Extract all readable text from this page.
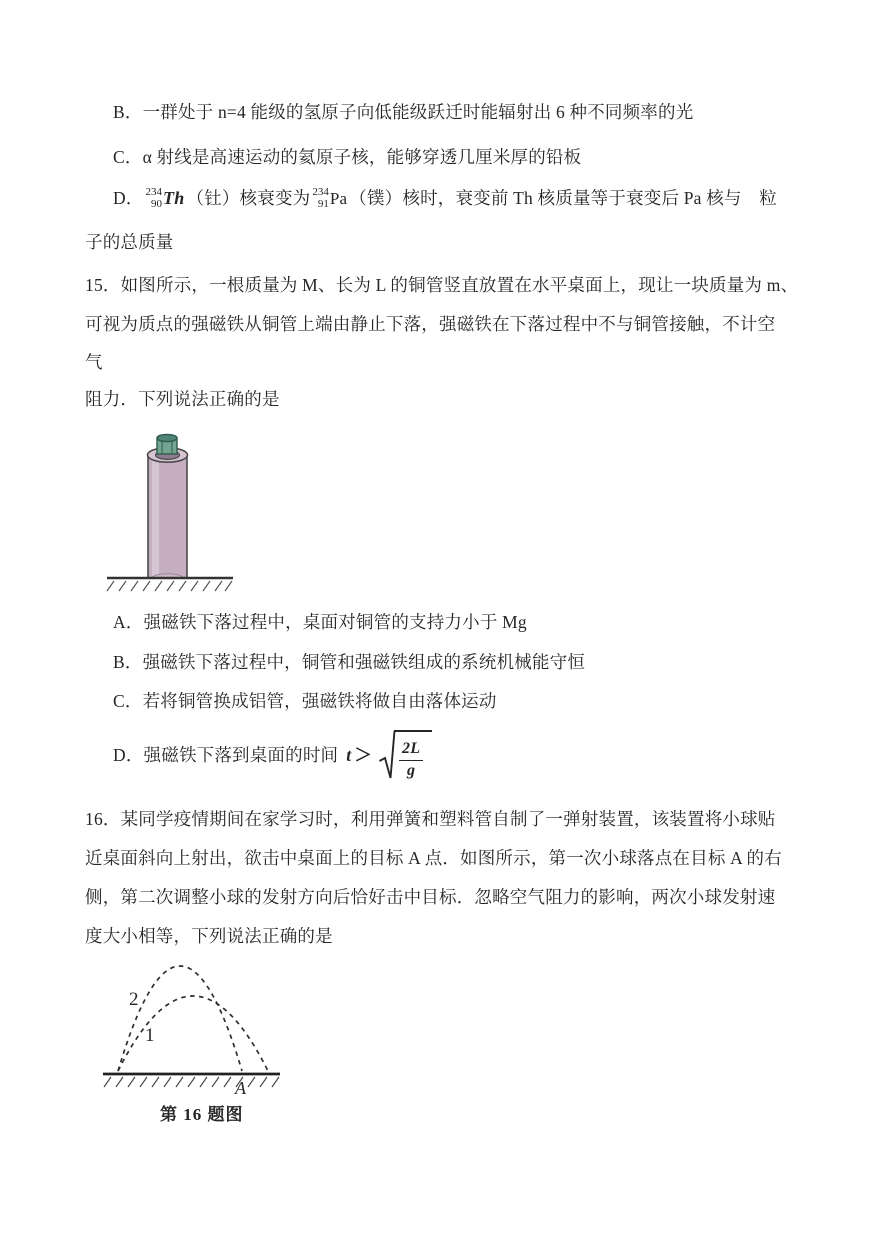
B．一群处于 n=4 能级的氢原子向低能级跃迁时能辐射出 6 种不同频率的光
C．α 射线是高速运动的氦原子核，能够穿透几厘米厚的铅板
D． 234
90 Th （钍）核衰变为 234
91 Pa （镤）核时，衰变前 Th 核质量等于衰变后 Pa 核与　粒
子的总质量
15．如图所示，一根质量为 M、长为 L 的铜管竖直放置在水平桌面上，现让一块质量为 m、
可视为质点的强磁铁从铜管上端由静止下落，强磁铁在下落过程中不与铜管接触，不计空
气
阻力．下列说法正确的是
A．强磁铁下落过程中，桌面对铜管的支持力小于 Mg
B．强磁铁下落过程中，铜管和强磁铁组成的系统机械能守恒
C．若将铜管换成铝管，强磁铁将做自由落体运动
D．强磁铁下落到桌面的时间 $t > \frac{2L}{g}$
16．某同学疫情期间在家学习时，利用弹簧和塑料管自制了一弹射装置，该装置将小球贴
近桌面斜向上射出，欲击中桌面上的目标 A 点．如图所示，第一次小球落点在目标 A 的右
侧，第二次调整小球的发射方向后恰好击中目标．忽略空气阻力的影响，两次小球发射速
度大小相等，下列说法正确的是
2
1
A
第 16 题图
